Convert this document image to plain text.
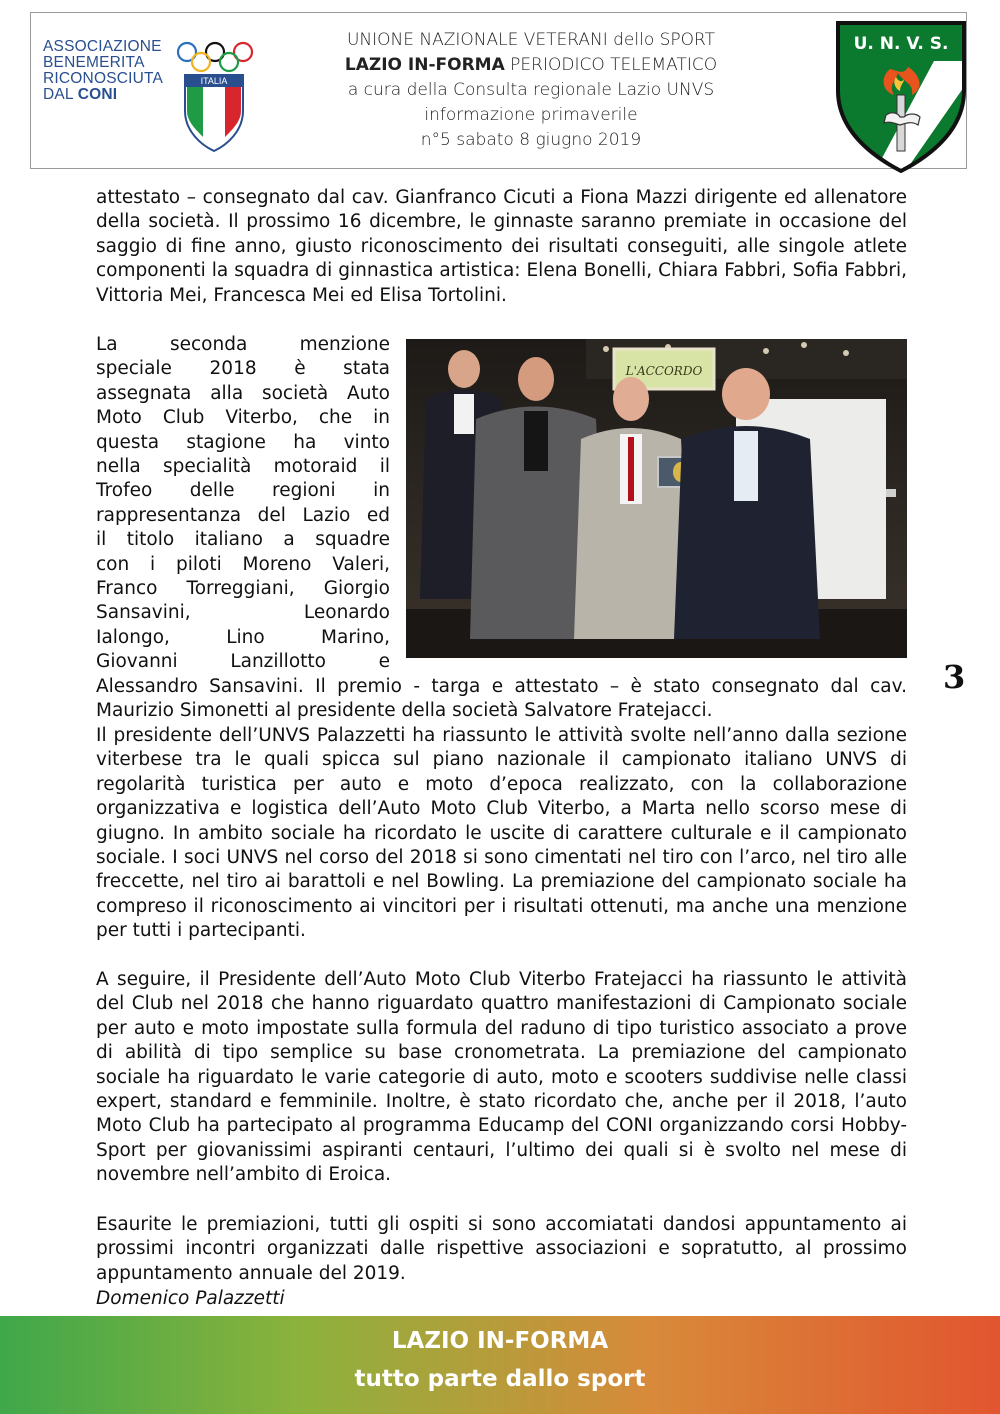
ASSOCIAZIONE
BENEMERITA
RICONOSCIUTA
DAL CONI
ITALIA
UNIONE NAZIONALE VETERANI dello SPORT
LAZIO IN-FORMA PERIODICO TELEMATICO
a cura della Consulta regionale Lazio UNVS
informazione primaverile
n°5 sabato 8 giugno 2019
U. N. V. S.
attestato – consegnato dal cav. Gianfranco Cicuti a Fiona Mazzi dirigente ed allenatore della società. Il prossimo 16 dicembre, le ginnaste saranno premiate in occasione del saggio di fine anno, giusto riconoscimento dei risultati conseguiti, alle singole atlete componenti la squadra di ginnastica artistica: Elena Bonelli, Chiara Fabbri, Sofia Fabbri, Vittoria Mei, Francesca Mei ed Elisa Tortolini.
La seconda menzione
speciale 2018 è stata
assegnata alla società Auto
Moto Club Viterbo, che in
questa stagione ha vinto
nella specialità motoraid il
Trofeo delle regioni in
rappresentanza del Lazio ed
il titolo italiano a squadre
con i piloti Moreno Valeri,
Franco Torreggiani, Giorgio
Sansavini, Leonardo
Ialongo, Lino Marino,
Giovanni Lanzillotto e
L'ACCORDO
Alessandro Sansavini. Il premio - targa e attestato – è stato consegnato dal cav. Maurizio Simonetti al presidente della società Salvatore Fratejacci.
Il presidente dell’UNVS Palazzetti ha riassunto le attività svolte nell’anno dalla sezione viterbese tra le quali spicca sul piano nazionale il campionato italiano UNVS di regolarità turistica per auto e moto d’epoca realizzato, con la collaborazione organizzativa e logistica dell’Auto Moto Club Viterbo, a Marta nello scorso mese di giugno. In ambito sociale ha ricordato le uscite di carattere culturale e il campionato sociale. I soci UNVS nel corso del 2018 si sono cimentati nel tiro con l’arco, nel tiro alle freccette, nel tiro ai barattoli e nel Bowling. La premiazione del campionato sociale ha compreso il riconoscimento ai vincitori per i risultati ottenuti, ma anche una menzione per tutti i partecipanti.
A seguire, il Presidente dell’Auto Moto Club Viterbo Fratejacci ha riassunto le attività del Club nel 2018 che hanno riguardato quattro manifestazioni di Campionato sociale per auto e moto impostate sulla formula del raduno di tipo turistico associato a prove di abilità di tipo semplice su base cronometrata. La premiazione del campionato sociale ha riguardato le varie categorie di auto, moto e scooters suddivise nelle classi expert, standard e femminile. Inoltre, è stato ricordato che, anche per il 2018, l’auto Moto Club ha partecipato al programma Educamp del CONI organizzando corsi Hobby-Sport per giovanissimi aspiranti centauri, l’ultimo dei quali si è svolto nel mese di novembre nell’ambito di Eroica.
Esaurite le premiazioni, tutti gli ospiti si sono accomiatati dandosi appuntamento ai prossimi incontri organizzati dalle rispettive associazioni e sopratutto, al prossimo appuntamento annuale del 2019.
Domenico Palazzetti
3
LAZIO IN-FORMA
tutto parte dallo sport
